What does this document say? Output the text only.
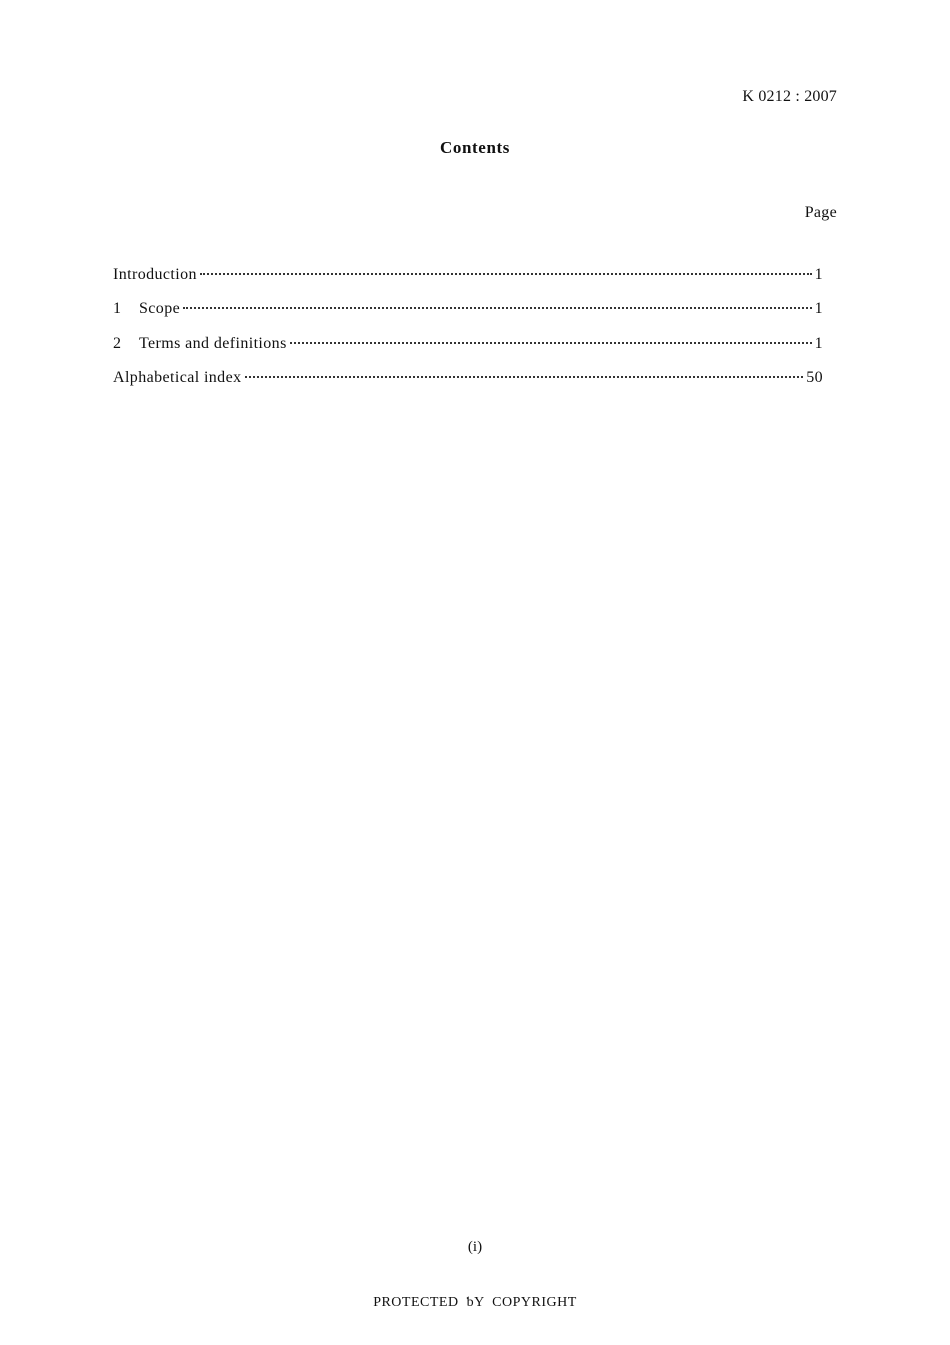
K 0212 : 2007
Contents
Page
Introduction	1
1	Scope	1
2	Terms and definitions	1
Alphabetical index	50
(i)
PROTECTED ƅY COPYRIGHT
